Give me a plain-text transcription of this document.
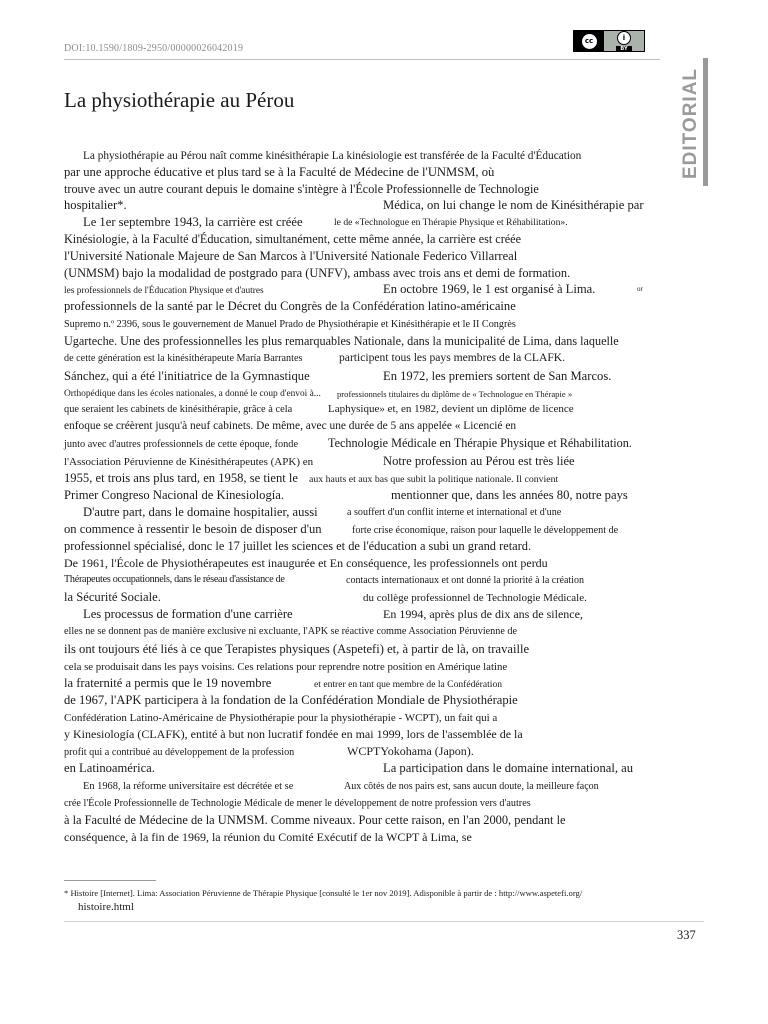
DOI:10.1590/1809-2950/00000026042019
cc	i
BY
EDITORIAL
La physiothérapie au Pérou
La physiothérapie au Pérou naît comme kinésithérapie La kinésiologie est transférée de la Faculté d'Éducation
par une approche éducative et plus tard se à la Faculté de Médecine de l'UNMSM, où
trouve avec un autre courant depuis le domaine s'intègre à l'École Professionnelle de Technologie
hospitalier*.	Médica, on lui change le nom de Kinésithérapie par
Le 1er septembre 1943, la carrière est créée	le de «Technologue en Thérapie Physique et Réhabilitation».
Kinésiologie, à la Faculté d'Éducation, simultanément, cette même année, la carrière est créée
l'Université Nationale Majeure de San Marcos à l'Université Nationale Federico Villarreal
(UNMSM) bajo la modalidad de postgrado para (UNFV), ambass avec trois ans et demi de formation.
les professionnels de l'Éducation Physique et d'autres	En octobre 1969, le 1 est organisé à Lima.	or
professionnels de la santé par le Décret du Congrès de la Confédération latino-américaine
Supremo n.º 2396, sous le gouvernement de Manuel Prado de Physiothérapie et Kinésithérapie et le II Congrès
Ugarteche. Une des professionnelles les plus remarquables Nationale, dans la municipalité de Lima, dans laquelle
de cette génération est la kinésithérapeute María Barrantes	participent tous les pays membres de la CLAFK.
Sánchez, qui a été l'initiatrice de la Gymnastique	En 1972, les premiers sortent de San Marcos.
Orthopédique dans les écoles nationales, a donné le coup d'envoi à... professionnels titulaires du diplôme de « Technologue en Thérapie »
que seraient les cabinets de kinésithérapie, grâce à cela	Laphysique» et, en 1982, devient un diplôme de licence
enfoque se créèrent jusqu'à neuf cabinets. De même, avec une durée de 5 ans appelée « Licencié en
junto avec d'autres professionnels de cette époque, fonde Technologie Médicale en Thérapie Physique et Réhabilitation.
l'Association Péruvienne de Kinésithérapeutes (APK) en	Notre profession au Pérou est très liée
1955, et trois ans plus tard, en 1958, se tient le aux hauts et aux bas que subit la politique nationale. Il convient
Primer Congreso Nacional de Kinesiología.	mentionner que, dans les années 80, notre pays
D'autre part, dans le domaine hospitalier, aussi	a souffert d'un conflit interne et international et d'une
on commence à ressentir le besoin de disposer d'un	forte crise économique, raison pour laquelle le développement de
professionnel spécialisé, donc le 17 juillet les sciences et de l'éducation a subi un grand retard.
De 1961, l'École de Physiothérapeutes est inaugurée et En conséquence, les professionnels ont perdu
Thérapeutes occupationnels, dans le réseau d'assistance de	contacts internationaux et ont donné la priorité à la création
la Sécurité Sociale.	du collège professionnel de Technologie Médicale.
Les processus de formation d'une carrière	En 1994, après plus de dix ans de silence,
elles ne se donnent pas de manière exclusive ni excluante, l'APK se réactive comme Association Péruvienne de
ils ont toujours été liés à ce que Terapistes physiques (Aspetefi) et, à partir de là, on travaille
cela se produisait dans les pays voisins. Ces relations pour reprendre notre position en Amérique latine
la fraternité a permis que le 19 novembre	et entrer en tant que membre de la Confédération
de 1967, l'APK participera à la fondation de la Confédération Mondiale de Physiothérapie
Confédération Latino-Américaine de Physiothérapie pour la physiothérapie - WCPT), un fait qui a
y Kinesiología (CLAFK), entité à but non lucratif fondée en mai 1999, lors de l'assemblée de la
profit qui a contribué au développement de la profession	WCPTYokohama (Japon).
en Latinoamérica.	La participation dans le domaine international, au
En 1968, la réforme universitaire est décrétée et se	Aux côtés de nos pairs est, sans aucun doute, la meilleure façon
crée l'École Professionnelle de Technologie Médicale de mener le développement de notre profession vers d'autres
à la Faculté de Médecine de la UNMSM. Comme niveaux. Pour cette raison, en l'an 2000, pendant le
conséquence, à la fin de 1969, la réunion du Comité Exécutif de la WCPT à Lima, se
* Histoire [Internet]. Lima: Association Péruvienne de Thérapie Physique [consulté le 1er nov 2019]. Adisponible à partir de : http://www.aspetefi.org/
histoire.html
337
